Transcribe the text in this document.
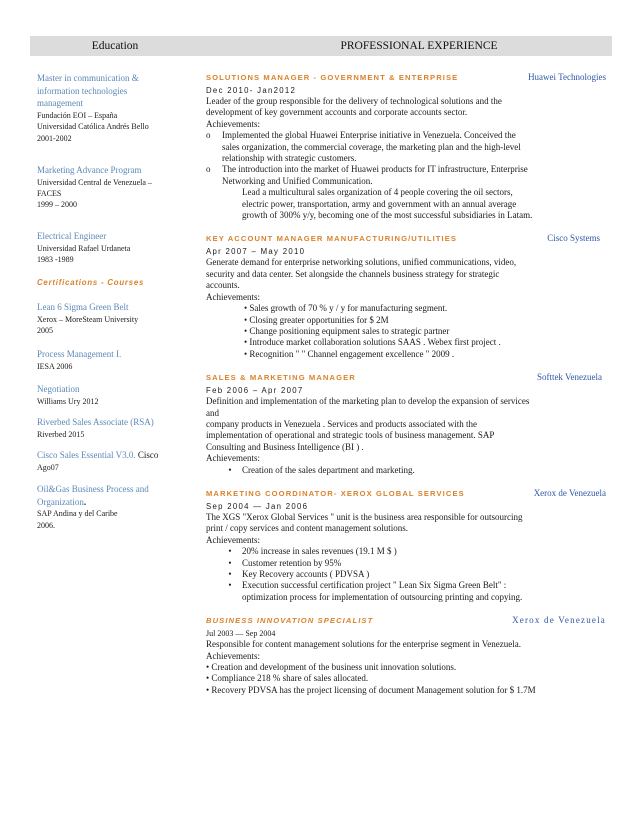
Education	PROFESSIONAL EXPERIENCE
Master in communication &
information technologies
management
Fundación EOI – España
Universidad Católica Andrés Bello
2001-2002
Marketing Advance Program
Universidad Central de Venezuela –
FACES
1999 – 2000
Electrical Engineer
Universidad Rafael Urdaneta
1983 -1989
Certifications - Courses
Lean 6 Sigma Green Belt
Xerox – MoreSteam University
2005
Process Management I.
IESA 2006
Negotiation
Williams Ury 2012
Riverbed Sales Associate (RSA)
Riverbed 2015
Cisco Sales Essential V3.0. Cisco
Ago07
Oil&Gas Business Process and
Organization.
SAP Andina y del Caribe
2006.
SOLUTIONS MANAGER - GOVERNMENT & ENTERPRISE	Huawei Technologies
Dec 2010- Jan2012
Leader of the group responsible for the delivery of technological solutions and the
development of key government accounts and corporate accounts sector.
Achievements:
o	Implemented the global Huawei Enterprise initiative in Venezuela. Conceived the
sales organization, the commercial coverage, the marketing plan and the high-level
relationship with strategic customers.
o	The introduction into the market of Huawei products for IT infrastructure, Enterprise
Networking and Unified Communication.
Lead a multicultural sales organization of 4 people covering the oil sectors,
electric power, transportation, army and government with an annual average
growth of 300% y/y, becoming one of the most successful subsidiaries in Latam.
KEY ACCOUNT MANAGER MANUFACTURING/UTILITIES	Cisco Systems
Apr 2007 – May 2010
Generate demand for enterprise networking solutions, unified communications, video,
security and data center. Set alongside the channels business strategy for strategic
accounts.
Achievements:
• Sales growth of 70 % y / y for manufacturing segment.
• Closing greater opportunities for $ 2M
• Change positioning equipment sales to strategic partner
• Introduce market collaboration solutions SAAS . Webex first project .
• Recognition " " Channel engagement excellence " 2009 .
SALES & MARKETING MANAGER	Softtek Venezuela
Feb 2006 – Apr 2007
Definition and implementation of the marketing plan to develop the expansion of services
and
company products in Venezuela . Services and products associated with the
implementation of operational and strategic tools of business management. SAP
Consulting and Business Intelligence (BI ) .
Achievements:
•	Creation of the sales department and marketing.
MARKETING COORDINATOR- XEROX GLOBAL SERVICES	Xerox de Venezuela
Sep 2004 — Jan 2006
The XGS "Xerox Global Services " unit is the business area responsible for outsourcing
print / copy services and content management solutions.
Achievements:
•	20% increase in sales revenues (19.1 M $ )
•	Customer retention by 95%
•	Key Recovery accounts ( PDVSA )
•	Execution successful certification project " Lean Six Sigma Green Belt" :
optimization process for implementation of outsourcing printing and copying.
BUSINESS INNOVATION SPECIALIST	Xerox de Venezuela
Jul 2003 — Sep 2004
Responsible for content management solutions for the enterprise segment in Venezuela.
Achievements:
• Creation and development of the business unit innovation solutions.
• Compliance 218 % share of sales allocated.
• Recovery PDVSA has the project licensing of document Management solution for $ 1.7M
